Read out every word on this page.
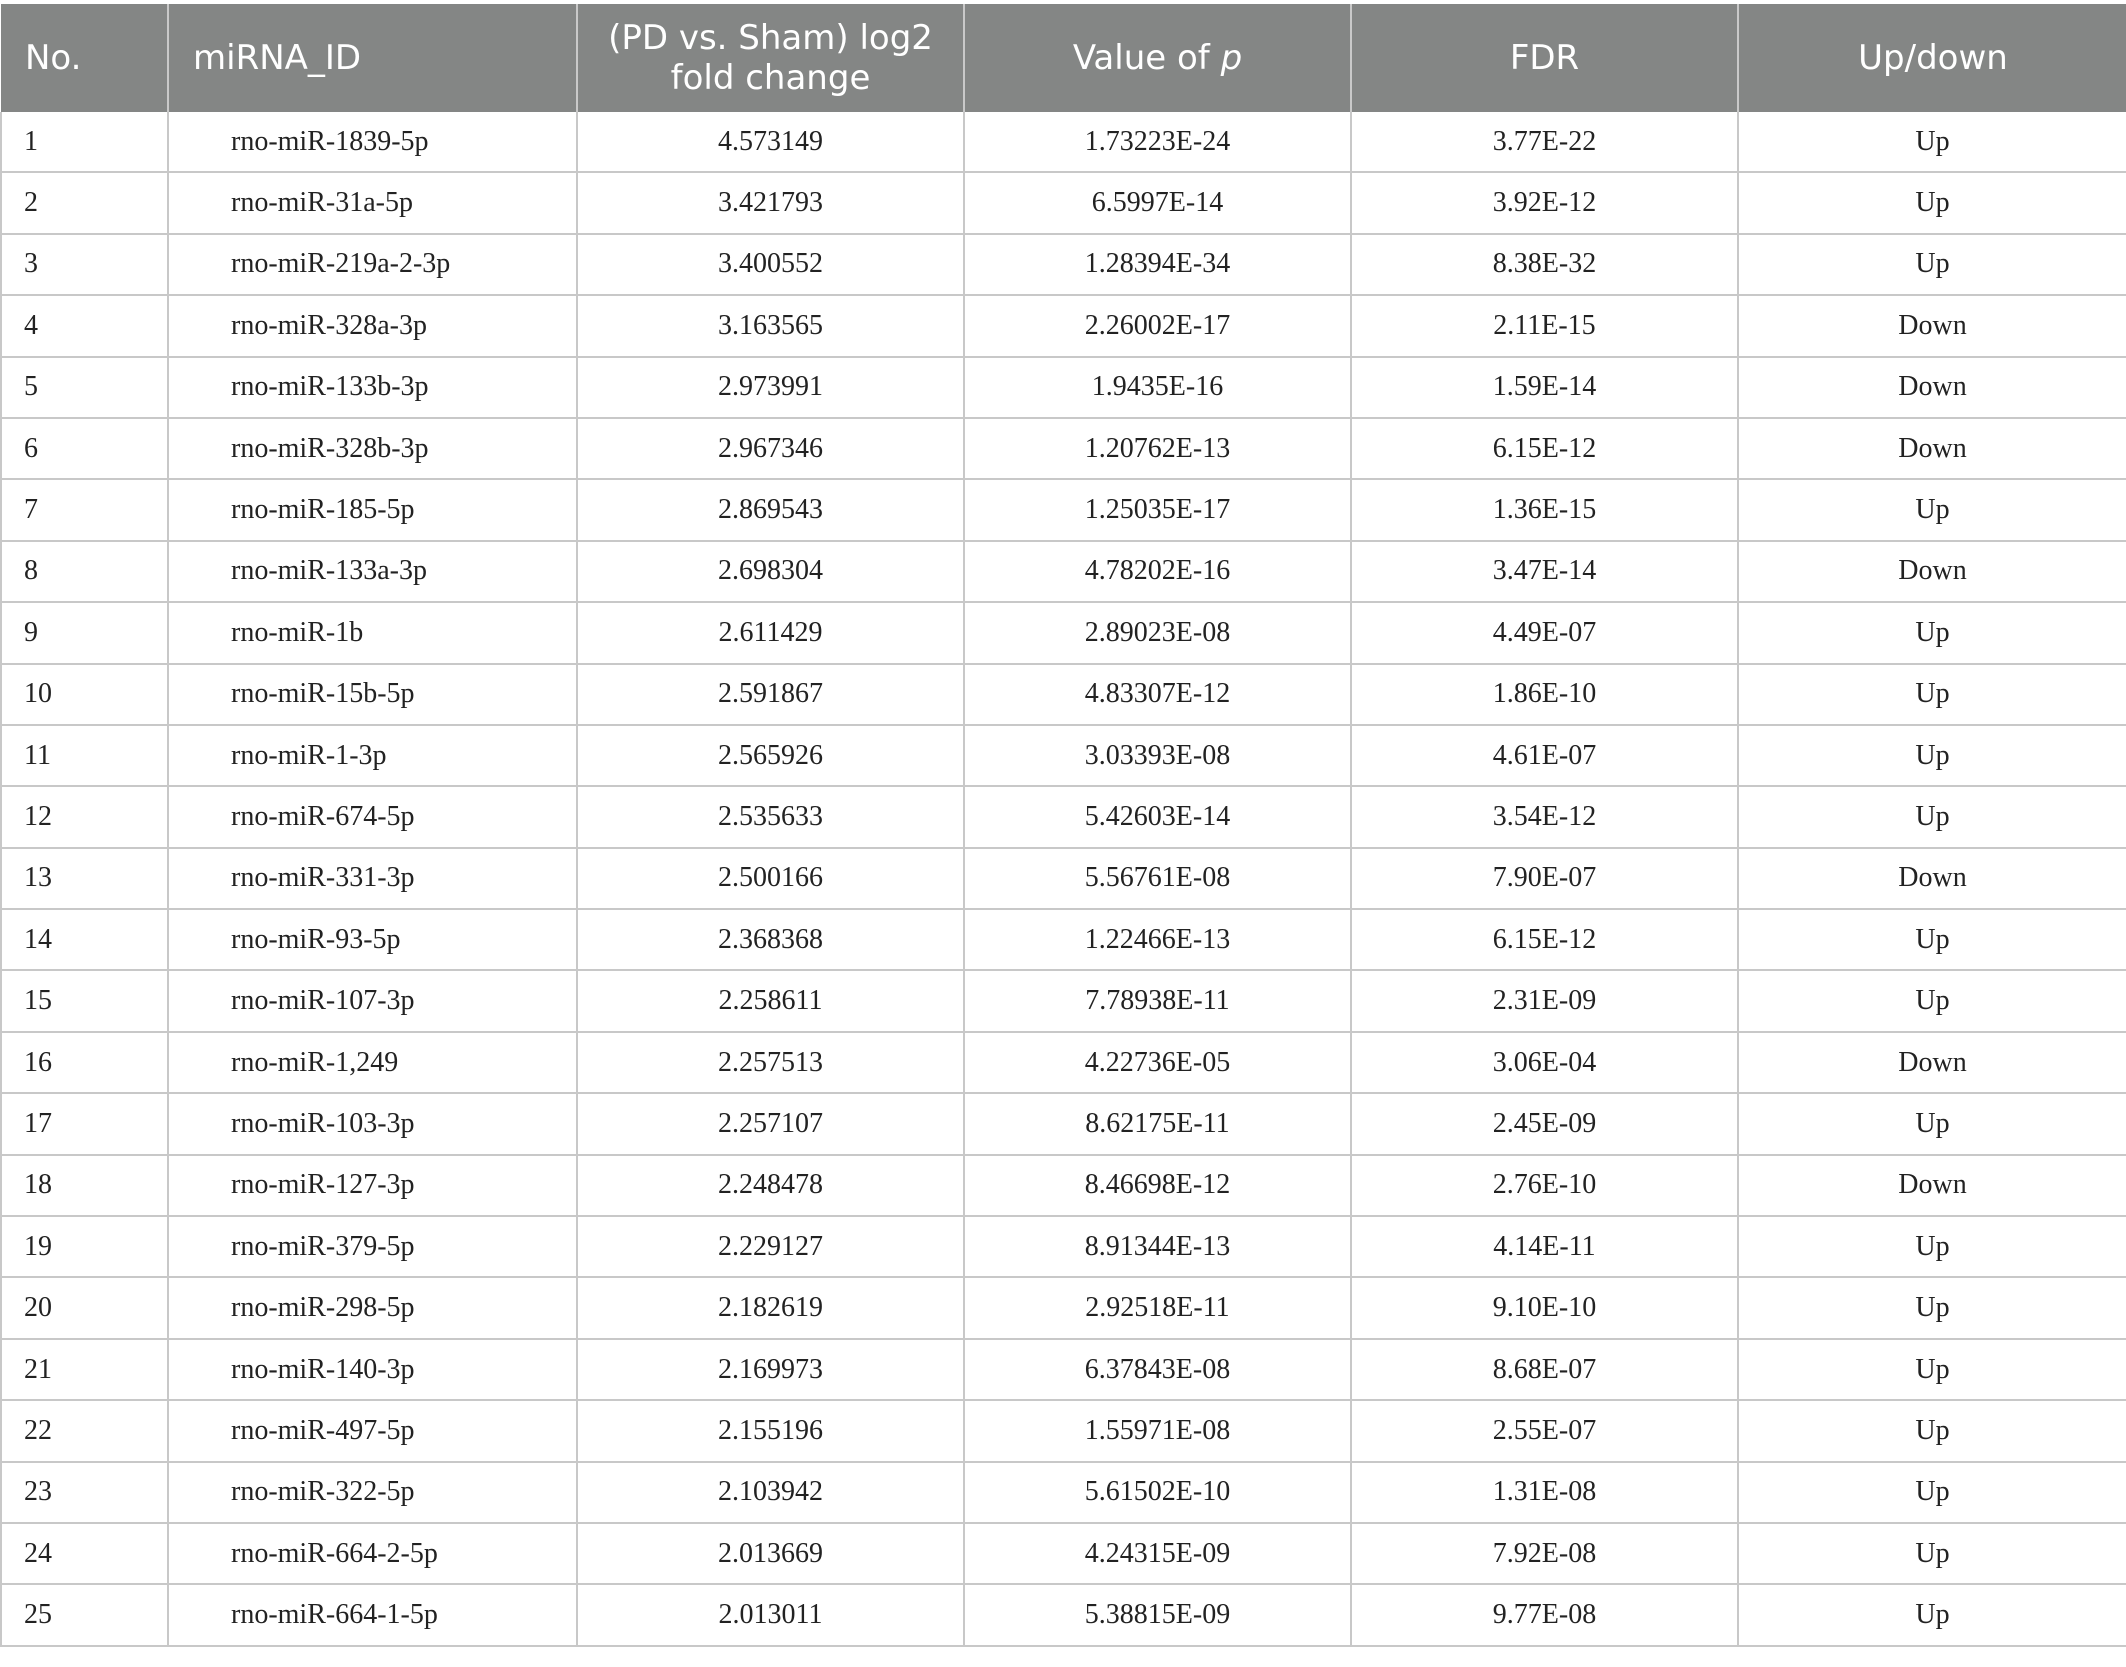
No.	miRNA_ID	(PD vs. Sham) log2 fold change	Value of p	FDR	Up/down
1	rno-miR-1839-5p	4.573149	1.73223E-24	3.77E-22	Up
2	rno-miR-31a-5p	3.421793	6.5997E-14	3.92E-12	Up
3	rno-miR-219a-2-3p	3.400552	1.28394E-34	8.38E-32	Up
4	rno-miR-328a-3p	3.163565	2.26002E-17	2.11E-15	Down
5	rno-miR-133b-3p	2.973991	1.9435E-16	1.59E-14	Down
6	rno-miR-328b-3p	2.967346	1.20762E-13	6.15E-12	Down
7	rno-miR-185-5p	2.869543	1.25035E-17	1.36E-15	Up
8	rno-miR-133a-3p	2.698304	4.78202E-16	3.47E-14	Down
9	rno-miR-1b	2.611429	2.89023E-08	4.49E-07	Up
10	rno-miR-15b-5p	2.591867	4.83307E-12	1.86E-10	Up
11	rno-miR-1-3p	2.565926	3.03393E-08	4.61E-07	Up
12	rno-miR-674-5p	2.535633	5.42603E-14	3.54E-12	Up
13	rno-miR-331-3p	2.500166	5.56761E-08	7.90E-07	Down
14	rno-miR-93-5p	2.368368	1.22466E-13	6.15E-12	Up
15	rno-miR-107-3p	2.258611	7.78938E-11	2.31E-09	Up
16	rno-miR-1,249	2.257513	4.22736E-05	3.06E-04	Down
17	rno-miR-103-3p	2.257107	8.62175E-11	2.45E-09	Up
18	rno-miR-127-3p	2.248478	8.46698E-12	2.76E-10	Down
19	rno-miR-379-5p	2.229127	8.91344E-13	4.14E-11	Up
20	rno-miR-298-5p	2.182619	2.92518E-11	9.10E-10	Up
21	rno-miR-140-3p	2.169973	6.37843E-08	8.68E-07	Up
22	rno-miR-497-5p	2.155196	1.55971E-08	2.55E-07	Up
23	rno-miR-322-5p	2.103942	5.61502E-10	1.31E-08	Up
24	rno-miR-664-2-5p	2.013669	4.24315E-09	7.92E-08	Up
25	rno-miR-664-1-5p	2.013011	5.38815E-09	9.77E-08	Up
